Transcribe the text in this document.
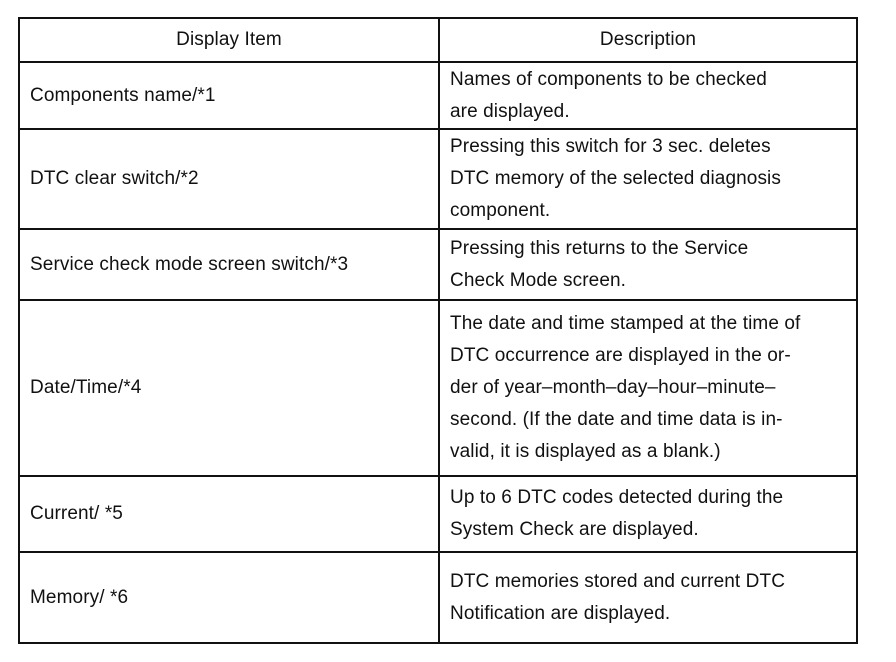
Display Item	Description
Components name/*1
Names of components to be checked
are displayed.
DTC clear switch/*2
Pressing this switch for 3 sec. deletes
DTC memory of the selected diagnosis
component.
Service check mode screen switch/*3
Pressing this returns to the Service
Check Mode screen.
Date/Time/*4
The date and time stamped at the time of
DTC occurrence are displayed in the or-
der of year–month–day–hour–minute–
second. (If the date and time data is in-
valid, it is displayed as a blank.)
Current/ *5
Up to 6 DTC codes detected during the
System Check are displayed.
Memory/ *6
DTC memories stored and current DTC
Notification are displayed.
